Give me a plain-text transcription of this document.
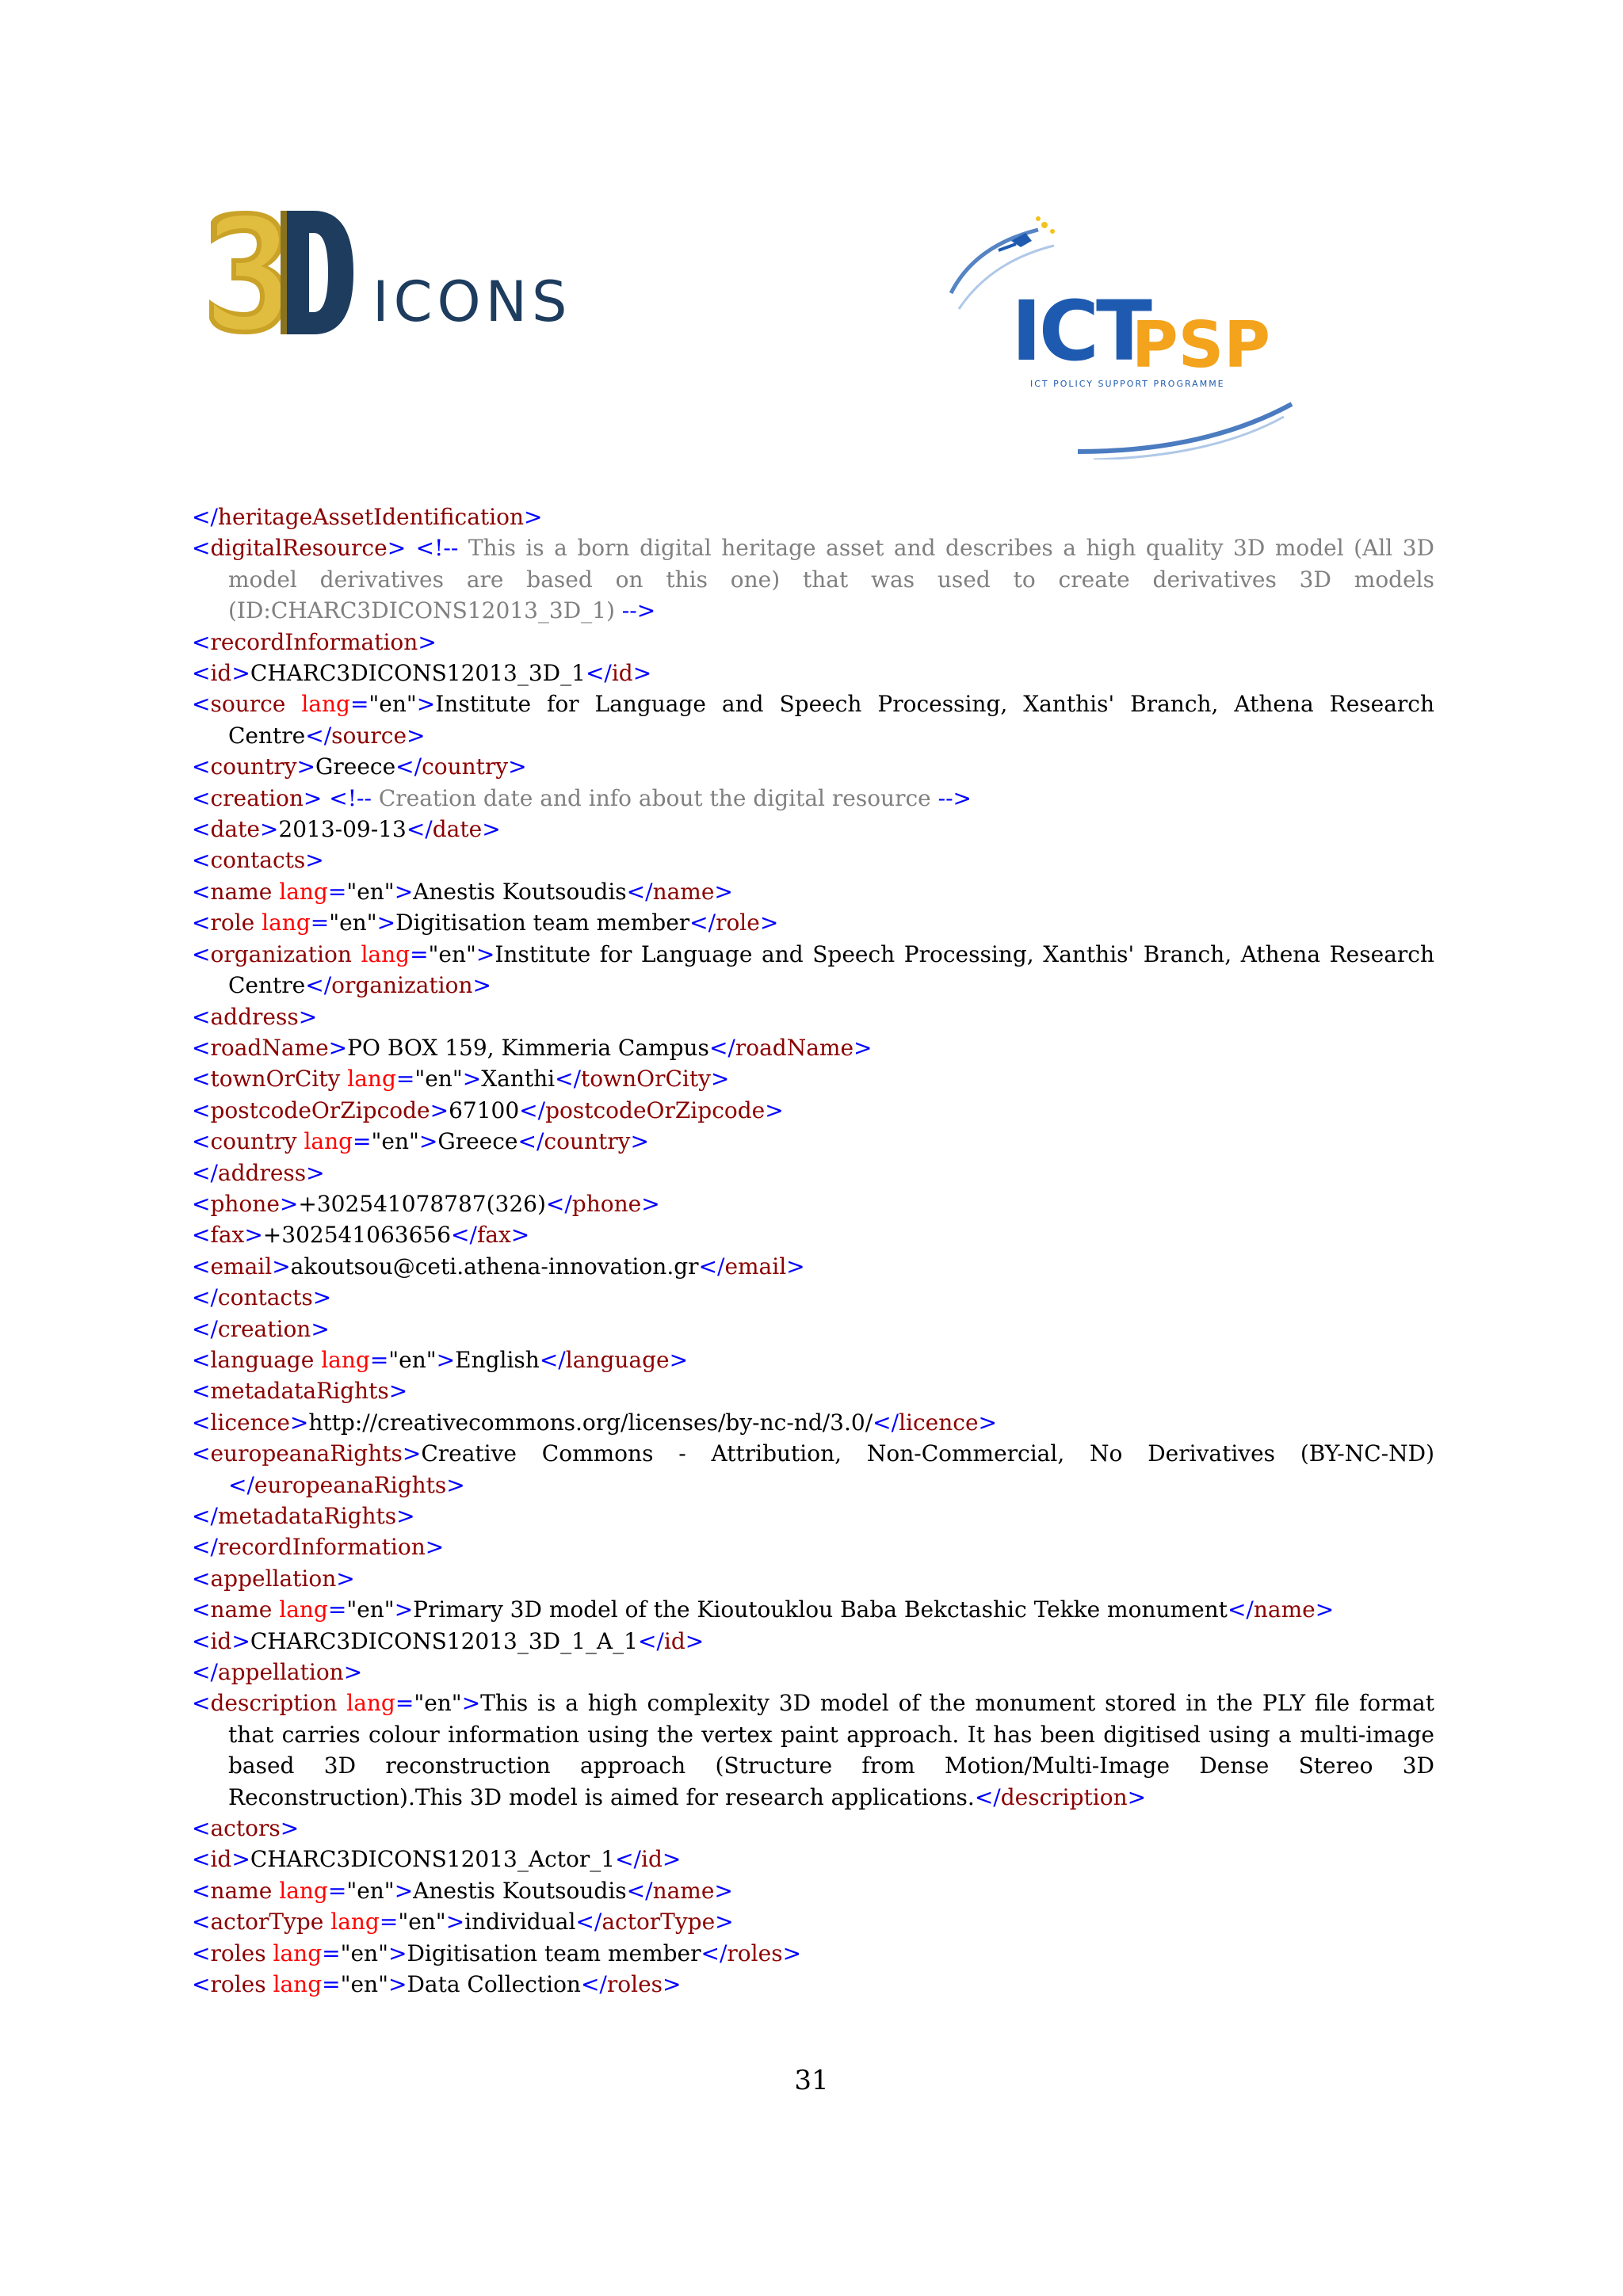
ICONS	ICT
PSP
ICT POLICY SUPPORT PROGRAMME
</heritageAssetIdentification>
<digitalResource> <!-- This is a born digital heritage asset and describes a high quality 3D model (All 3D model derivatives are based on this one) that was used to create derivatives 3D models (ID:CHARC3DICONS12013_3D_1) -->
<recordInformation>
<id>CHARC3DICONS12013_3D_1</id>
<source lang="en">Institute for Language and Speech Processing, Xanthis' Branch, Athena Research Centre</source>
<country>Greece</country>
<creation> <!-- Creation date and info about the digital resource -->
<date>2013-09-13</date>
<contacts>
<name lang="en">Anestis Koutsoudis</name>
<role lang="en">Digitisation team member</role>
<organization lang="en">Institute for Language and Speech Processing, Xanthis' Branch, Athena Research Centre</organization>
<address>
<roadName>PO BOX 159, Kimmeria Campus</roadName>
<townOrCity lang="en">Xanthi</townOrCity>
<postcodeOrZipcode>67100</postcodeOrZipcode>
<country lang="en">Greece</country>
</address>
<phone>+302541078787(326)</phone>
<fax>+302541063656</fax>
<email>akoutsou@ceti.athena-innovation.gr</email>
</contacts>
</creation>
<language lang="en">English</language>
<metadataRights>
<licence>http://creativecommons.org/licenses/by-nc-nd/3.0/</licence>
<europeanaRights>Creative Commons - Attribution, Non-Commercial, No Derivatives (BY-NC-ND)</europeanaRights>
</metadataRights>
</recordInformation>
<appellation>
<name lang="en">Primary 3D model of the Kioutouklou Baba Bekctashic Tekke monument</name>
<id>CHARC3DICONS12013_3D_1_A_1</id>
</appellation>
<description lang="en">This is a high complexity 3D model of the monument stored in the PLY file format that carries colour information using the vertex paint approach. It has been digitised using a multi-image based 3D reconstruction approach (Structure from Motion/Multi-Image Dense Stereo 3D Reconstruction).This 3D model is aimed for research applications.</description>
<actors>
<id>CHARC3DICONS12013_Actor_1</id>
<name lang="en">Anestis Koutsoudis</name>
<actorType lang="en">individual</actorType>
<roles lang="en">Digitisation team member</roles>
<roles lang="en">Data Collection</roles>
31
